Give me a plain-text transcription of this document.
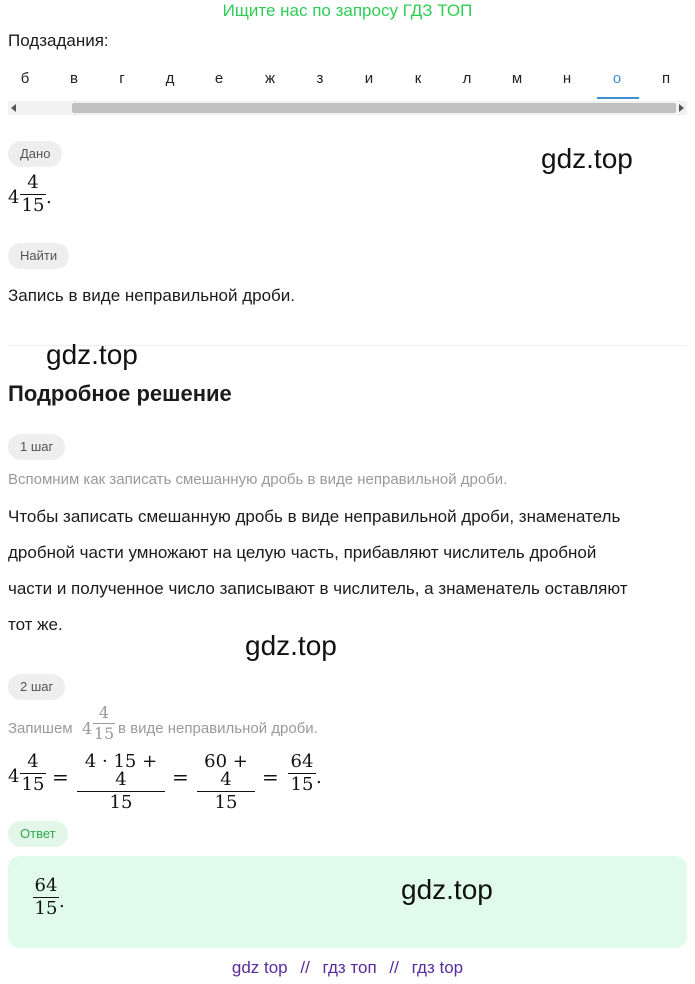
Ищите нас по запросу ГДЗ ТОП
Подзадания:
б	в	г	д	е	ж	з	и	к	л	м	н	о	п
Дано	gdz.top
4
4
15 .
Найти
Запись в виде неправильной дроби.
gdz.top
Подробное решение
1 шаг
Вспомним как записать смешанную дробь в виде неправильной дроби.
Чтобы записать смешанную дробь в виде неправильной дроби, знаменатель
дробной части умножают на целую часть, прибавляют числитель дробной
части и полученное число записывают в числитель, а знаменатель оставляют
тот же.
gdz.top
2 шаг
Запишем 4
4
15 в виде неправильной дроби.
4
4
15 =
4 · 15 + 4
15
=
60 + 4
15
=
64
15 .
Ответ
64
15 .	gdz.top
gdz top // гдз топ // гдз top
